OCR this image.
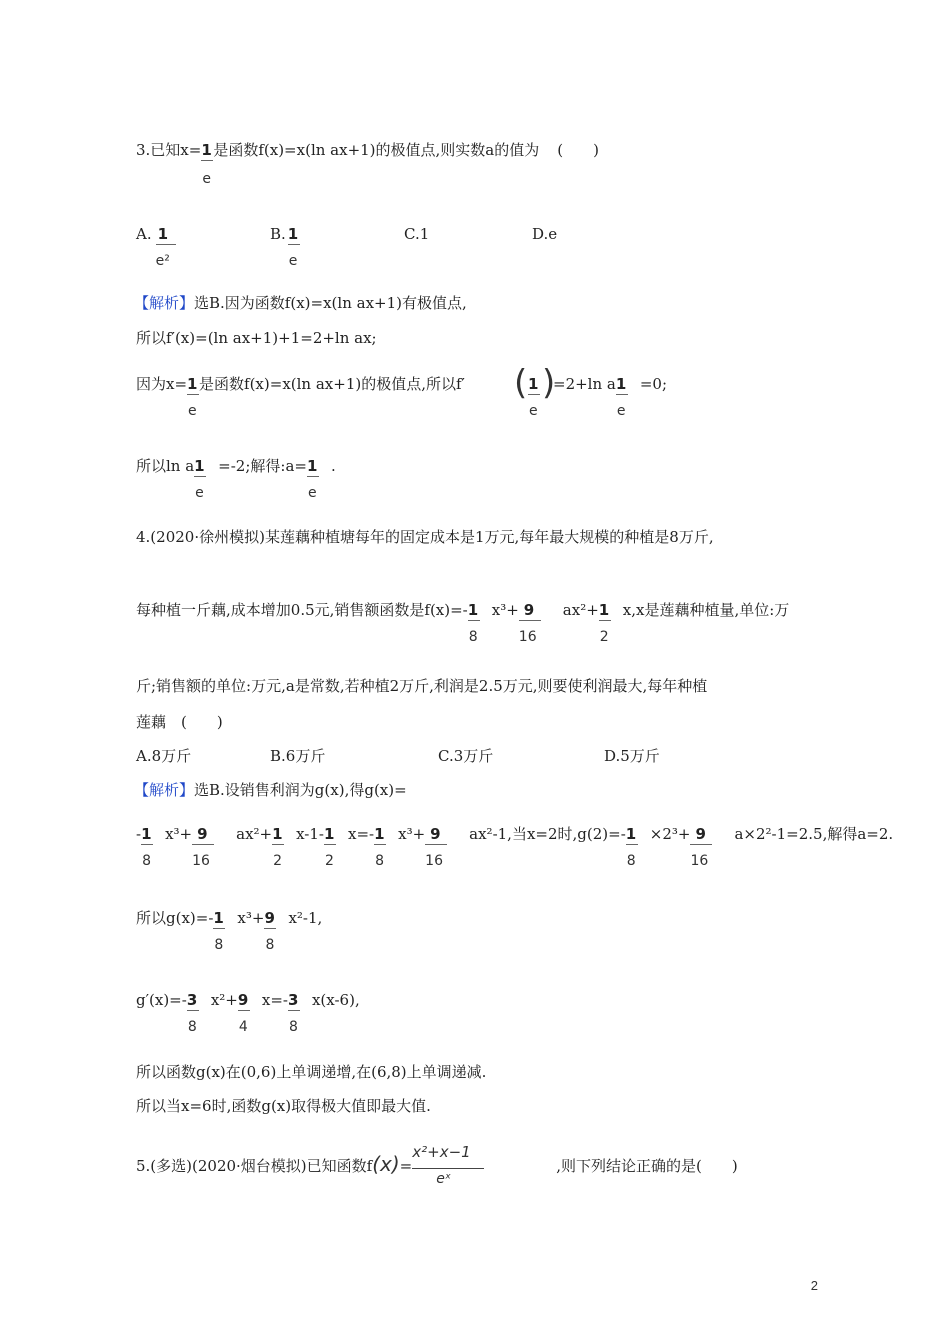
3.已知$x=\frac{1}{e}$ 是函数f(x)=x(ln ax+1)的极值点,则实数a的值为 (　　)
A. $\frac{1}{\text{e²}}$	B. $\frac{1}{e}$	C.1	D.e
【解析】选B.因为函数f(x)=x(ln ax+1)有极值点,
所以f′(x)=(ln ax+1)+1=2+ln ax;
因为$x=\frac{1}{e}$ 是函数f(x)=x(ln ax+1)的极值点,所以f′ ( $\frac{1}{e}$ )
=2+ln $a\frac{1}{e} =0$;
所以$\ln a\frac{1}{e} =-2$;解得$:a=\frac{1}{e}$ .
4.(2020·徐州模拟)某莲藕种植塘每年的固定成本是1万元,每年最大规模的种植是8万斤,
每种植一斤藕,成本增加0.5元,销售额函数是$f(x)=-\frac{1}{8} x^3+\frac{9}{16} ax^2+\frac{1}{2} x,x$是莲藕种植量,单位:万
斤;销售额的单位:万元,a是常数,若种植2万斤,利润是2.5万元,则要使利润最大,每年种植
莲藕　(　　)
A.8万斤	B.6万斤	C.3万斤	D.5万斤
【解析】选B.设销售利润为g(x),得g(x)=
$-\frac{1}{8} x^3+\frac{9}{16} ax^2+\frac{1}{2} x-1-\frac{1}{2} x=-\frac{1}{8} x^3+\frac{9}{16} ax^2-1$,当x=2时$,g(2)=-\frac{1}{8} \times 2^3+\frac{9}{16} a\times 2^2-1=2.5$,解得a=2.
所以$g(x)=-\frac{1}{8} x^3+\frac{9}{8} x^2-1$,
$g'(x)=-\frac{3}{8} x^2+\frac{9}{4} x=-\frac{3}{8} x(x-6)$,
所以函数g(x)在(0,6)上单调递增,在(6,8)上单调递减.
所以当x=6时,函数g(x)取得极大值即最大值.
5.(多选)(2020·烟台模拟)已知函数f(x)=
$\frac{\text{x²+x−1}}{\text{eˣ}}$
,则下列结论正确的是(　　)
2
